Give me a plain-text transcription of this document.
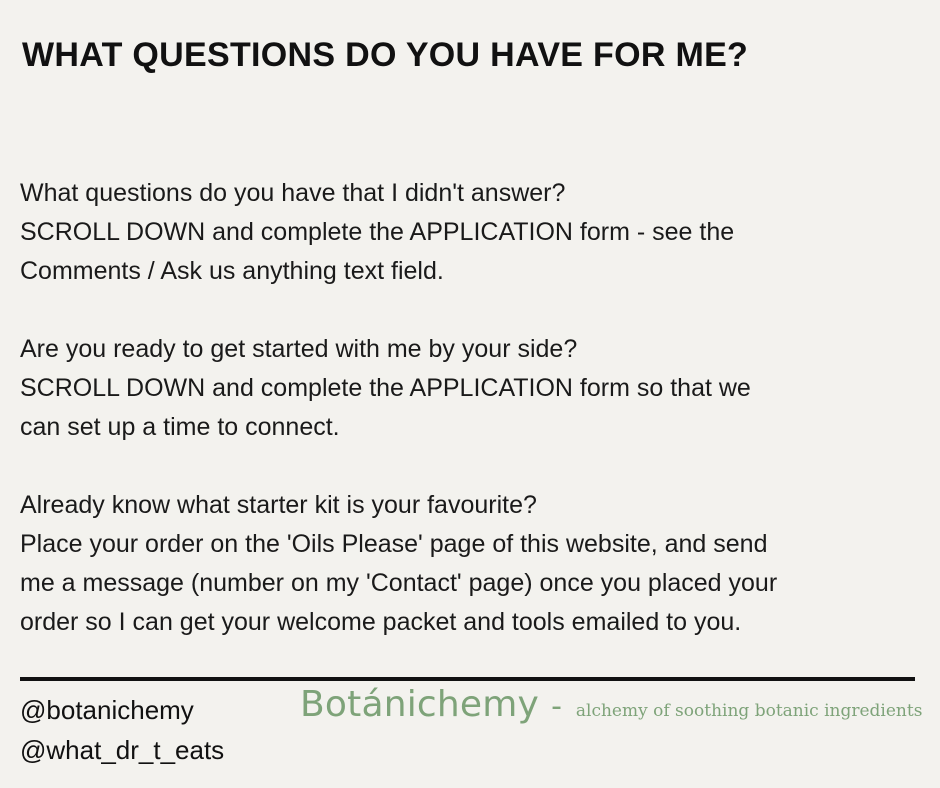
WHAT QUESTIONS DO YOU HAVE FOR ME?

What questions do you have that I didn't answer?
SCROLL DOWN and complete the APPLICATION form - see the
Comments / Ask us anything text field.

Are you ready to get started with me by your side?
SCROLL DOWN and complete the APPLICATION form so that we
can set up a time to connect.

Already know what starter kit is your favourite?
Place your order on the 'Oils Please' page of this website, and send
me a message (number on my 'Contact' page) once you placed your
order so I can get your welcome packet and tools emailed to you.

@botanichemy
@what_dr_t_eats
Botánichemy - alchemy of soothing botanic ingredients
